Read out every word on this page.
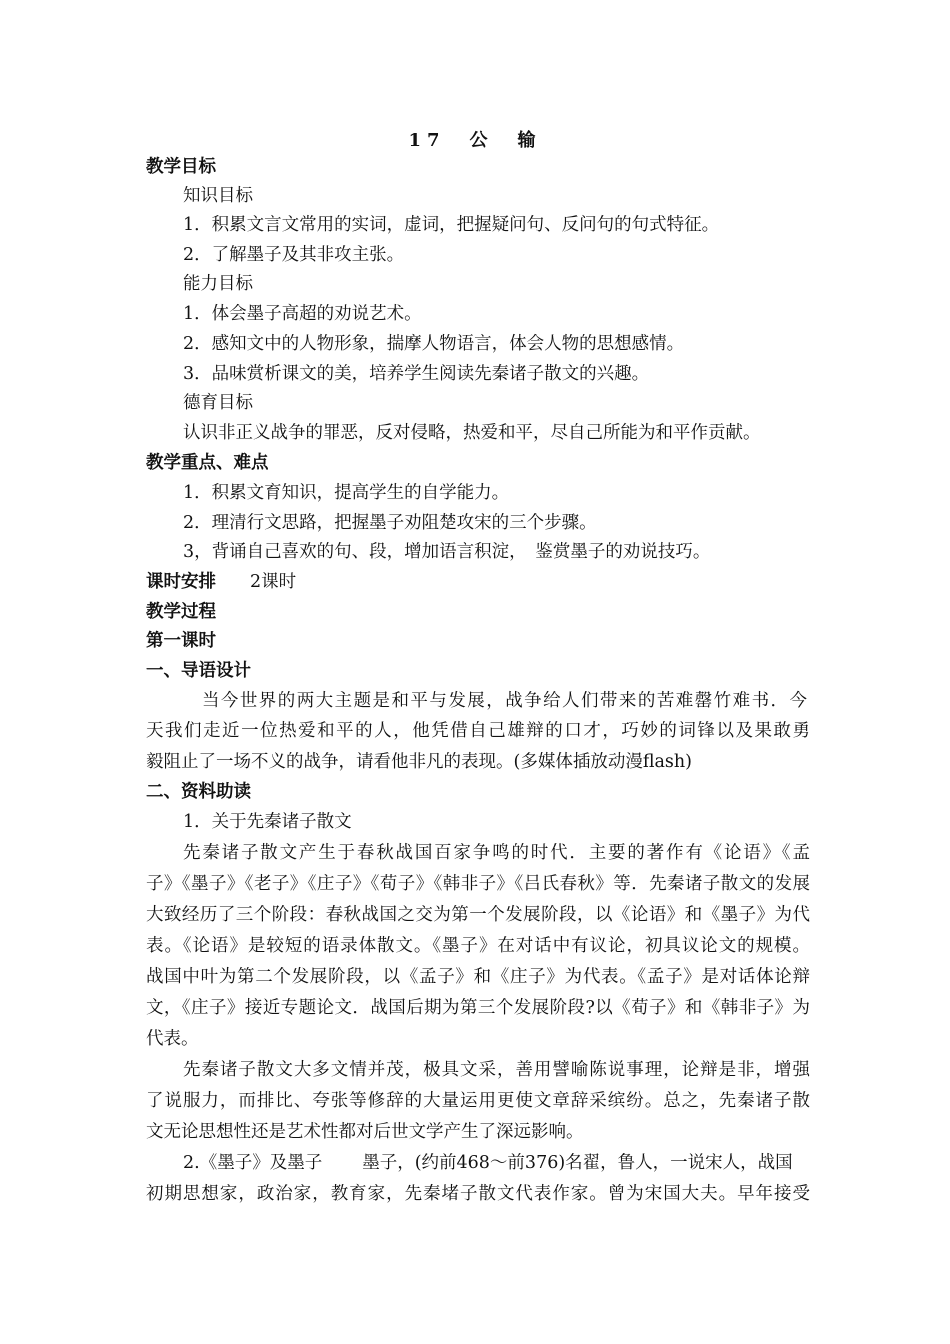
17　公　输
教学目标
知识目标
1．积累文言文常用的实词，虚词，把握疑问句、反问句的句式特征。
2．了解墨子及其非攻主张。
能力目标
1．体会墨子高超的劝说艺术。
2．感知文中的人物形象，揣摩人物语言，体会人物的思想感情。
3．品味赏析课文的美，培养学生阅读先秦诸子散文的兴趣。
德育目标
认识非正义战争的罪恶，反对侵略，热爱和平，尽自己所能为和平作贡献。
教学重点、难点
1．积累文育知识，提高学生的自学能力。
2．理清行文思路，把握墨子劝阻楚攻宋的三个步骤。
3，背诵自己喜欢的句、段，增加语言积淀，　鉴赏墨子的劝说技巧。
课时安排 2课时
教学过程
第一课时
一、导语设计
　当今世界的两大主题是和平与发展，战争给人们带来的苦难罄竹难书．今
天我们走近一位热爱和平的人，他凭借自己雄辩的口才，巧妙的词锋以及果敢勇
毅阻止了一场不义的战争，请看他非凡的表现。(多媒体插放动漫flash)
二、资料助读
1．关于先秦诸子散文
先秦诸子散文产生于春秋战国百家争鸣的时代．主要的著作有《论语》《孟
子》《墨子》《老子》《庄子》《荀子》《韩非子》《吕氏春秋》等．先秦诸子散文的发展
大致经历了三个阶段：春秋战国之交为第一个发展阶段，以《论语》和《墨子》为代
表。《论语》是较短的语录体散文。《墨子》在对话中有议论，初具议论文的规模。
战国中叶为第二个发展阶段，以《孟子》和《庄子》为代表。《孟子》是对话体论辩
文，《庄子》接近专题论文．战国后期为第三个发展阶段?以《荀子》和《韩非子》为
代表。
先秦诸子散文大多文情并茂，极具文采，善用譬喻陈说事理，论辩是非，增强
了说服力，而排比、夸张等修辞的大量运用更使文章辞采缤纷。总之，先秦诸子散
文无论思想性还是艺术性都对后世文学产生了深远影响。
2.《墨子》及墨子 墨子，(约前468～前376)名翟，鲁人，一说宋人，战国
初期思想家，政治家，教育家，先秦堵子散文代表作家。曾为宋国大夫。早年接受
